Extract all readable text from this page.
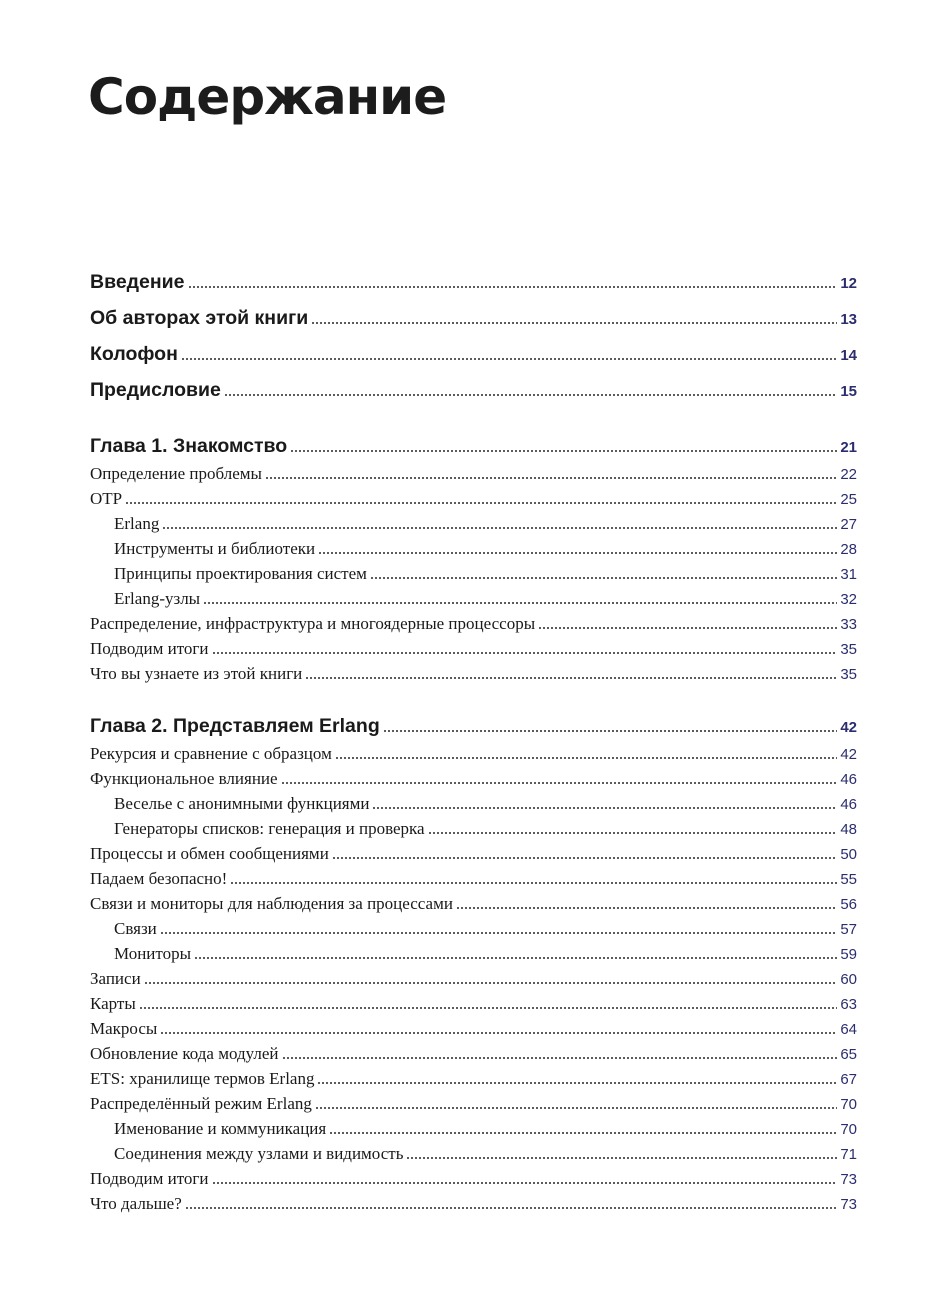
Содержание
Введение	12
Об авторах этой книги	13
Колофон	14
Предисловие	15
Глава 1. Знакомство	21
Определение проблемы	22
OTP	25
Erlang	27
Инструменты и библиотеки	28
Принципы проектирования систем	31
Erlang-узлы	32
Распределение, инфраструктура и многоядерные процессоры	33
Подводим итоги	35
Что вы узнаете из этой книги	35
Глава 2. Представляем Erlang	42
Рекурсия и сравнение с образцом	42
Функциональное влияние	46
Веселье с анонимными функциями	46
Генераторы списков: генерация и проверка	48
Процессы и обмен сообщениями	50
Падаем безопасно!	55
Связи и мониторы для наблюдения за процессами	56
Связи	57
Мониторы	59
Записи	60
Карты	63
Макросы	64
Обновление кода модулей	65
ETS: хранилище термов Erlang	67
Распределённый режим Erlang	70
Именование и коммуникация	70
Соединения между узлами и видимость	71
Подводим итоги	73
Что дальше?	73
